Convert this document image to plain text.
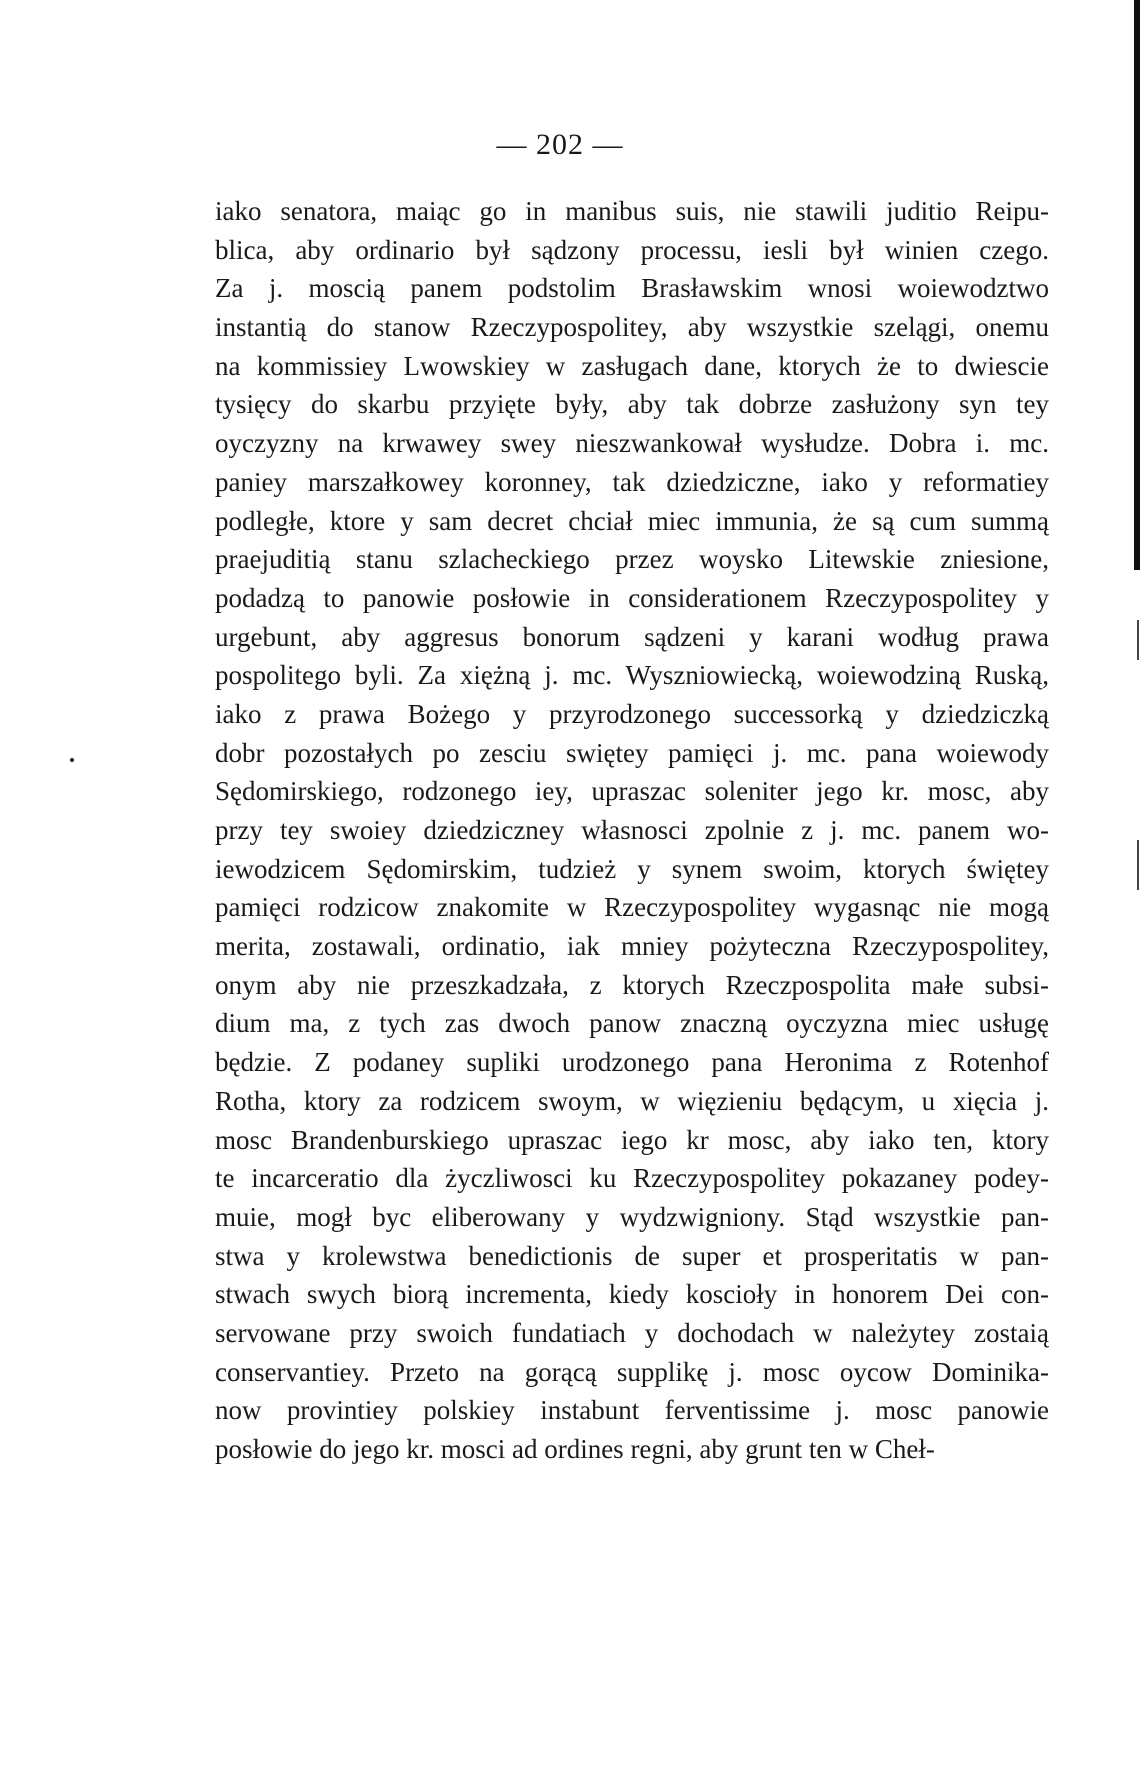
— 202 —
iako senatora, maiąc go in manibus suis, nie stawili juditio Reipu-
blica, aby ordinario był sądzony processu, iesli był winien czego.
Za j. moscią panem podstolim Brasławskim wnosi woiewodztwo
instantią do stanow Rzeczypospolitey, aby wszystkie szelągi, onemu
na kommissiey Lwowskiey w zasługach dane, ktorych że to dwiescie
tysięcy do skarbu przyięte były, aby tak dobrze zasłużony syn tey
oyczyzny na krwawey swey nieszwankował wysłudze. Dobra i. mc.
paniey marszałkowey koronney, tak dziedziczne, iako y reformatiey
podległe, ktore y sam decret chciał miec immunia, że są cum summą
praejuditią stanu szlacheckiego przez woysko Litewskie zniesione,
podadzą to panowie posłowie in considerationem Rzeczypospolitey y
urgebunt, aby aggresus bonorum sądzeni y karani wodług prawa
pospolitego byli. Za xiężną j. mc. Wyszniowiecką, woiewodziną Ruską,
iako z prawa Bożego y przyrodzonego successorką y dziedziczką
dobr pozostałych po zesciu swiętey pamięci j. mc. pana woiewody
Sędomirskiego, rodzonego iey, upraszac soleniter jego kr. mosc, aby
przy tey swoiey dziedziczney własnosci zpolnie z j. mc. panem wo-
iewodzicem Sędomirskim, tudzież y synem swoim, ktorych świętey
pamięci rodzicow znakomite w Rzeczypospolitey wygasnąc nie mogą
merita, zostawali, ordinatio, iak mniey pożyteczna Rzeczypospolitey,
onym aby nie przeszkadzała, z ktorych Rzeczpospolita małe subsi-
dium ma, z tych zas dwoch panow znaczną oyczyzna miec usługę
będzie. Z podaney supliki urodzonego pana Heronima z Rotenhof
Rotha, ktory za rodzicem swoym, w więzieniu będącym, u xięcia j.
mosc Brandenburskiego upraszac iego kr mosc, aby iako ten, ktory
te incarceratio dla życzliwosci ku Rzeczypospolitey pokazaney podey-
muie, mogł byc eliberowany y wydzwigniony. Stąd wszystkie pan-
stwa y krolewstwa benedictionis de super et prosperitatis w pan-
stwach swych biorą incrementa, kiedy koscioły in honorem Dei con-
servowane przy swoich fundatiach y dochodach w należytey zostaią
conservantiey. Przeto na gorącą supplikę j. mosc oycow Dominika-
now provintiey polskiey instabunt ferventissime j. mosc panowie
posłowie do jego kr. mosci ad ordines regni, aby grunt ten w Cheł-
